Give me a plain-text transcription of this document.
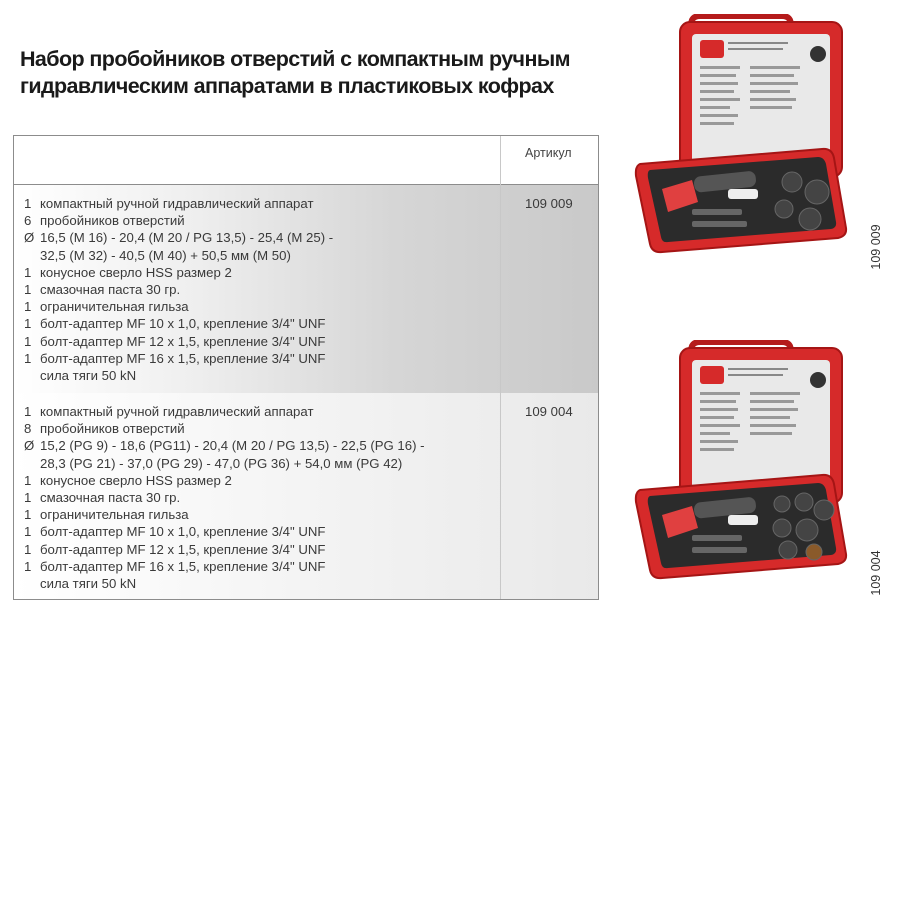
Набор пробойников отверстий с компактным ручным
гидравлическим аппаратами в пластиковых кофрах
Артикул
1 компактный ручной гидравлический аппарат
6 пробойников отверстий
Ø 16,5 (M 16) - 20,4 (M 20 / PG 13,5) - 25,4 (M 25) -
32,5 (M 32) - 40,5 (M 40) + 50,5 мм (M 50)
1 конусное сверло HSS размер 2
1 смазочная паста 30 гр.
1 ограничительная гильза
1 болт-адаптер MF 10 x 1,0, крепление 3/4" UNF
1 болт-адаптер MF 12 x 1,5, крепление 3/4" UNF
1 болт-адаптер MF 16 x 1,5, крепление 3/4" UNF
сила тяги 50 kN
109 009
1 компактный ручной гидравлический аппарат
8 пробойников отверстий
Ø 15,2 (PG 9) - 18,6 (PG11) - 20,4 (M 20 / PG 13,5) - 22,5 (PG 16) -
28,3 (PG 21) - 37,0 (PG 29) - 47,0 (PG 36) + 54,0 мм (PG 42)
1 конусное сверло HSS размер 2
1 смазочная паста 30 гр.
1 ограничительная гильза
1 болт-адаптер MF 10 x 1,0, крепление 3/4" UNF
1 болт-адаптер MF 12 x 1,5, крепление 3/4" UNF
1 болт-адаптер MF 16 x 1,5, крепление 3/4" UNF
сила тяги 50 kN
109 004
109 009
109 004
